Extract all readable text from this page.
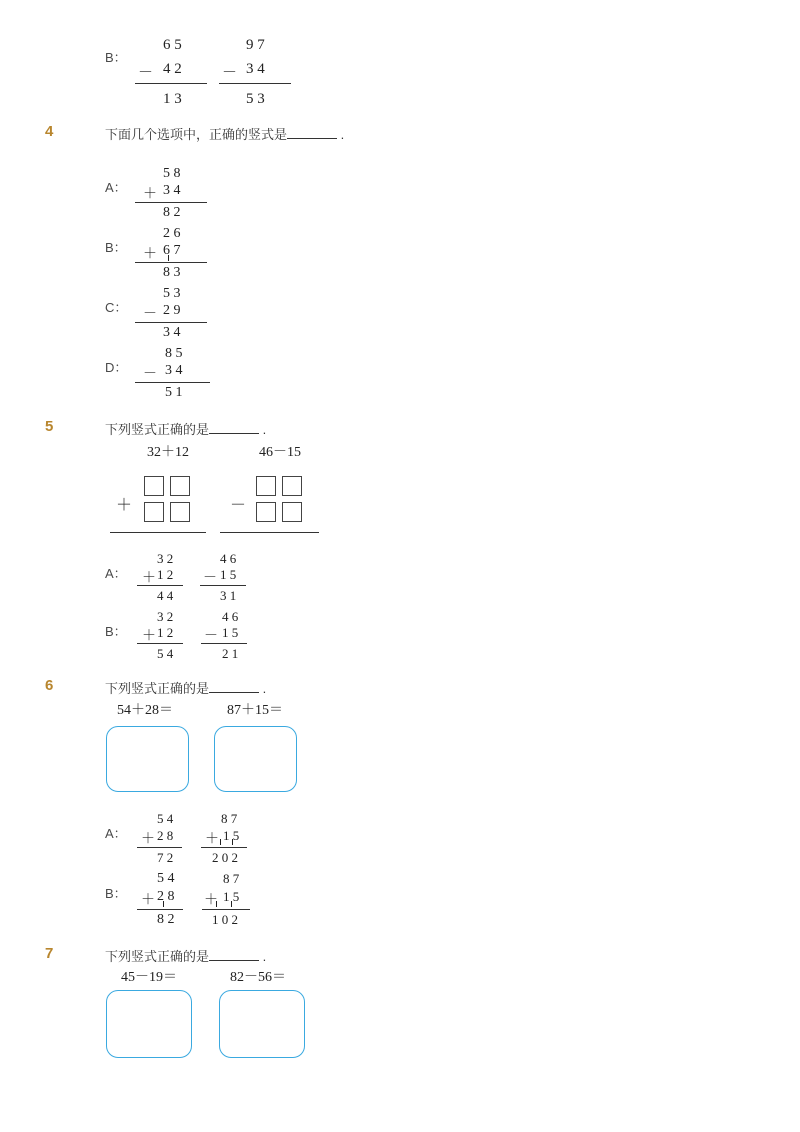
B：
6 5
－ 4 2
1 3
9 7
－ 3 4
5 3
4	下面几个选项中，正确的竖式是	.
A：
5 8
＋ 3 4
8 2
B：
2 6
＋ 6 7
8 3
C：
5 3
－ 2 9
3 4
D：
8 5
－ 3 4
5 1
5	下列竖式正确的是	.
32＋12	46－15
＋	－
A：
3 2
＋ 1 2
4 4
4 6
－ 1 5
3 1
B：
3 2
＋ 1 2
5 4
4 6
－ 1 5
2 1
6	下列竖式正确的是	.
54＋28＝	87＋15＝
A：
5 4
＋ 2 8
7 2
8 7
＋ 1 5
2 0 2
B：
5 4
＋ 2 8
8 2
8 7
＋ 1 5
1 0 2
7	下列竖式正确的是	.
45－19＝	82－56＝
